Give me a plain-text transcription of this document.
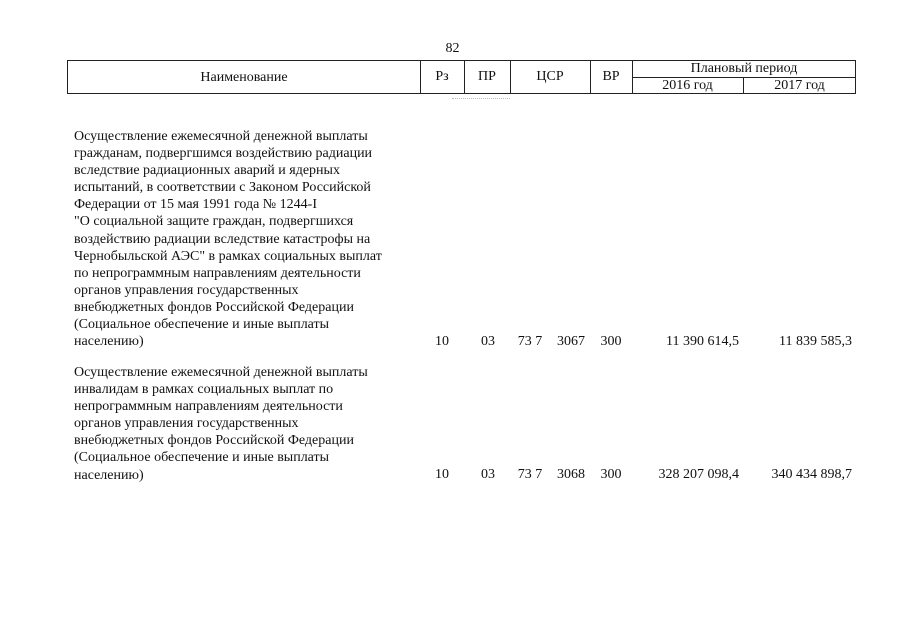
82
Наименование	Рз	ПР	ЦСР	ВР
Плановый период
2016 год	2017 год
Осуществление ежемесячной денежной выплаты
гражданам, подвергшимся воздействию радиации
вследствие радиационных аварий и ядерных
испытаний, в соответствии с Законом Российской
Федерации от 15 мая 1991 года № 1244-I
"О социальной защите граждан, подвергшихся
воздействию радиации вследствие катастрофы на
Чернобыльской АЭС" в рамках социальных выплат
по непрограммным направлениям деятельности
органов управления государственных
внебюджетных фондов Российской Федерации
(Социальное обеспечение и иные выплаты
населению)	10	03	73 7 3067	300	11 390 614,5	11 839 585,3
Осуществление ежемесячной денежной выплаты
инвалидам в рамках социальных выплат по
непрограммным направлениям деятельности
органов управления государственных
внебюджетных фондов Российской Федерации
(Социальное обеспечение и иные выплаты
населению)	10	03	73 7 3068	300	328 207 098,4	340 434 898,7
